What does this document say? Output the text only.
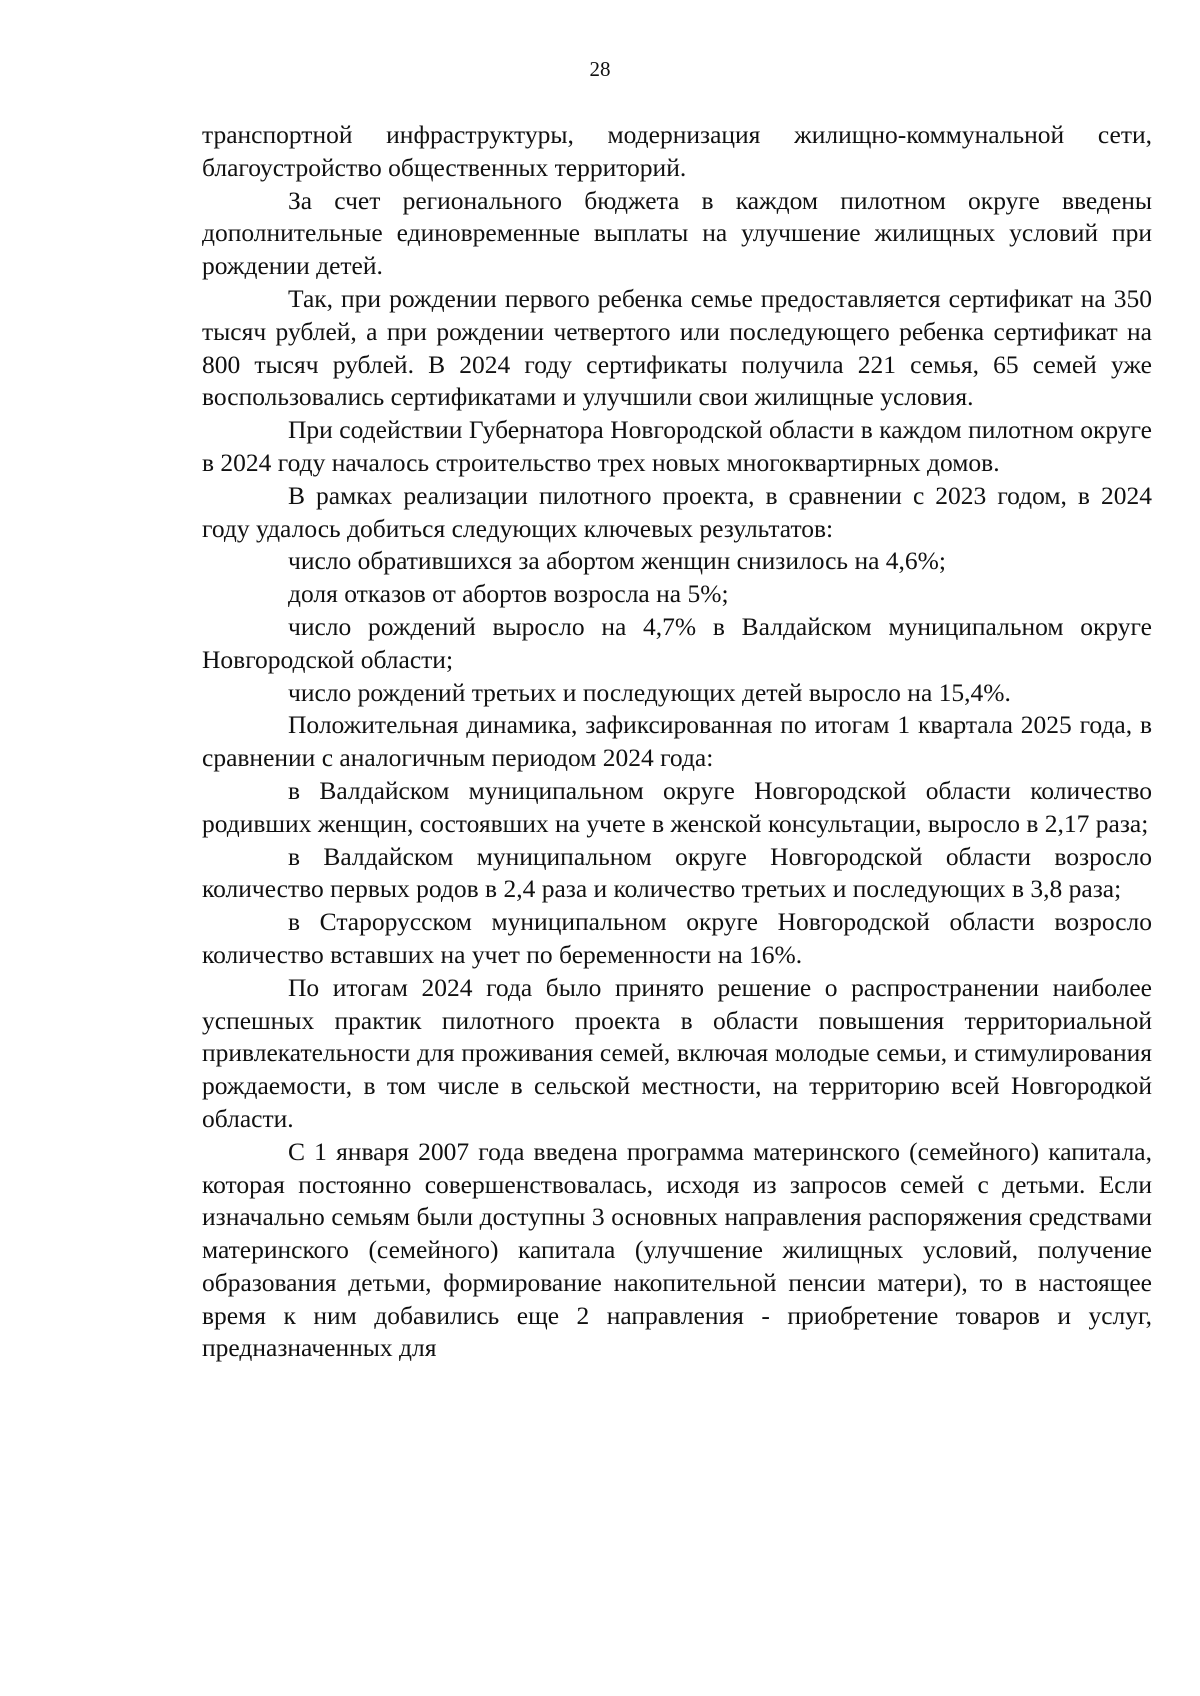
28

транспортной инфраструктуры, модернизация жилищно-коммунальной сети, благоустройство общественных территорий.

За счет регионального бюджета в каждом пилотном округе введены дополнительные единовременные выплаты на улучшение жилищных условий при рождении детей.

Так, при рождении первого ребенка семье предоставляется сертификат на 350 тысяч рублей, а при рождении четвертого или последующего ребенка сертификат на 800 тысяч рублей. В 2024 году сертификаты получила 221 семья, 65 семей уже воспользовались сертификатами и улучшили свои жилищные условия.

При содействии Губернатора Новгородской области в каждом пилотном округе в 2024 году началось строительство трех новых многоквартирных домов.

В рамках реализации пилотного проекта, в сравнении с 2023 годом, в 2024 году удалось добиться следующих ключевых результатов:

число обратившихся за абортом женщин снизилось на 4,6%;

доля отказов от абортов возросла на 5%;

число рождений выросло на 4,7% в Валдайском муниципальном округе Новгородской области;

число рождений третьих и последующих детей выросло на 15,4%.

Положительная динамика, зафиксированная по итогам 1 квартала 2025 года, в сравнении с аналогичным периодом 2024 года:

в Валдайском муниципальном округе Новгородской области количество родивших женщин, состоявших на учете в женской консультации, выросло в 2,17 раза;

в Валдайском муниципальном округе Новгородской области возросло количество первых родов в 2,4 раза и количество третьих и последующих в 3,8 раза;

в Старорусском муниципальном округе Новгородской области возросло количество вставших на учет по беременности на 16%.

По итогам 2024 года было принято решение о распространении наиболее успешных практик пилотного проекта в области повышения территориальной привлекательности для проживания семей, включая молодые семьи, и стимулирования рождаемости, в том числе в сельской местности, на территорию всей Новгородкой области.

С 1 января 2007 года введена программа материнского (семейного) капитала, которая постоянно совершенствовалась, исходя из запросов семей с детьми. Если изначально семьям были доступны 3 основных направления распоряжения средствами материнского (семейного) капитала (улучшение жилищных условий, получение образования детьми, формирование накопительной пенсии матери), то в настоящее время к ним добавились еще 2 направления - приобретение товаров и услуг, предназначенных для
